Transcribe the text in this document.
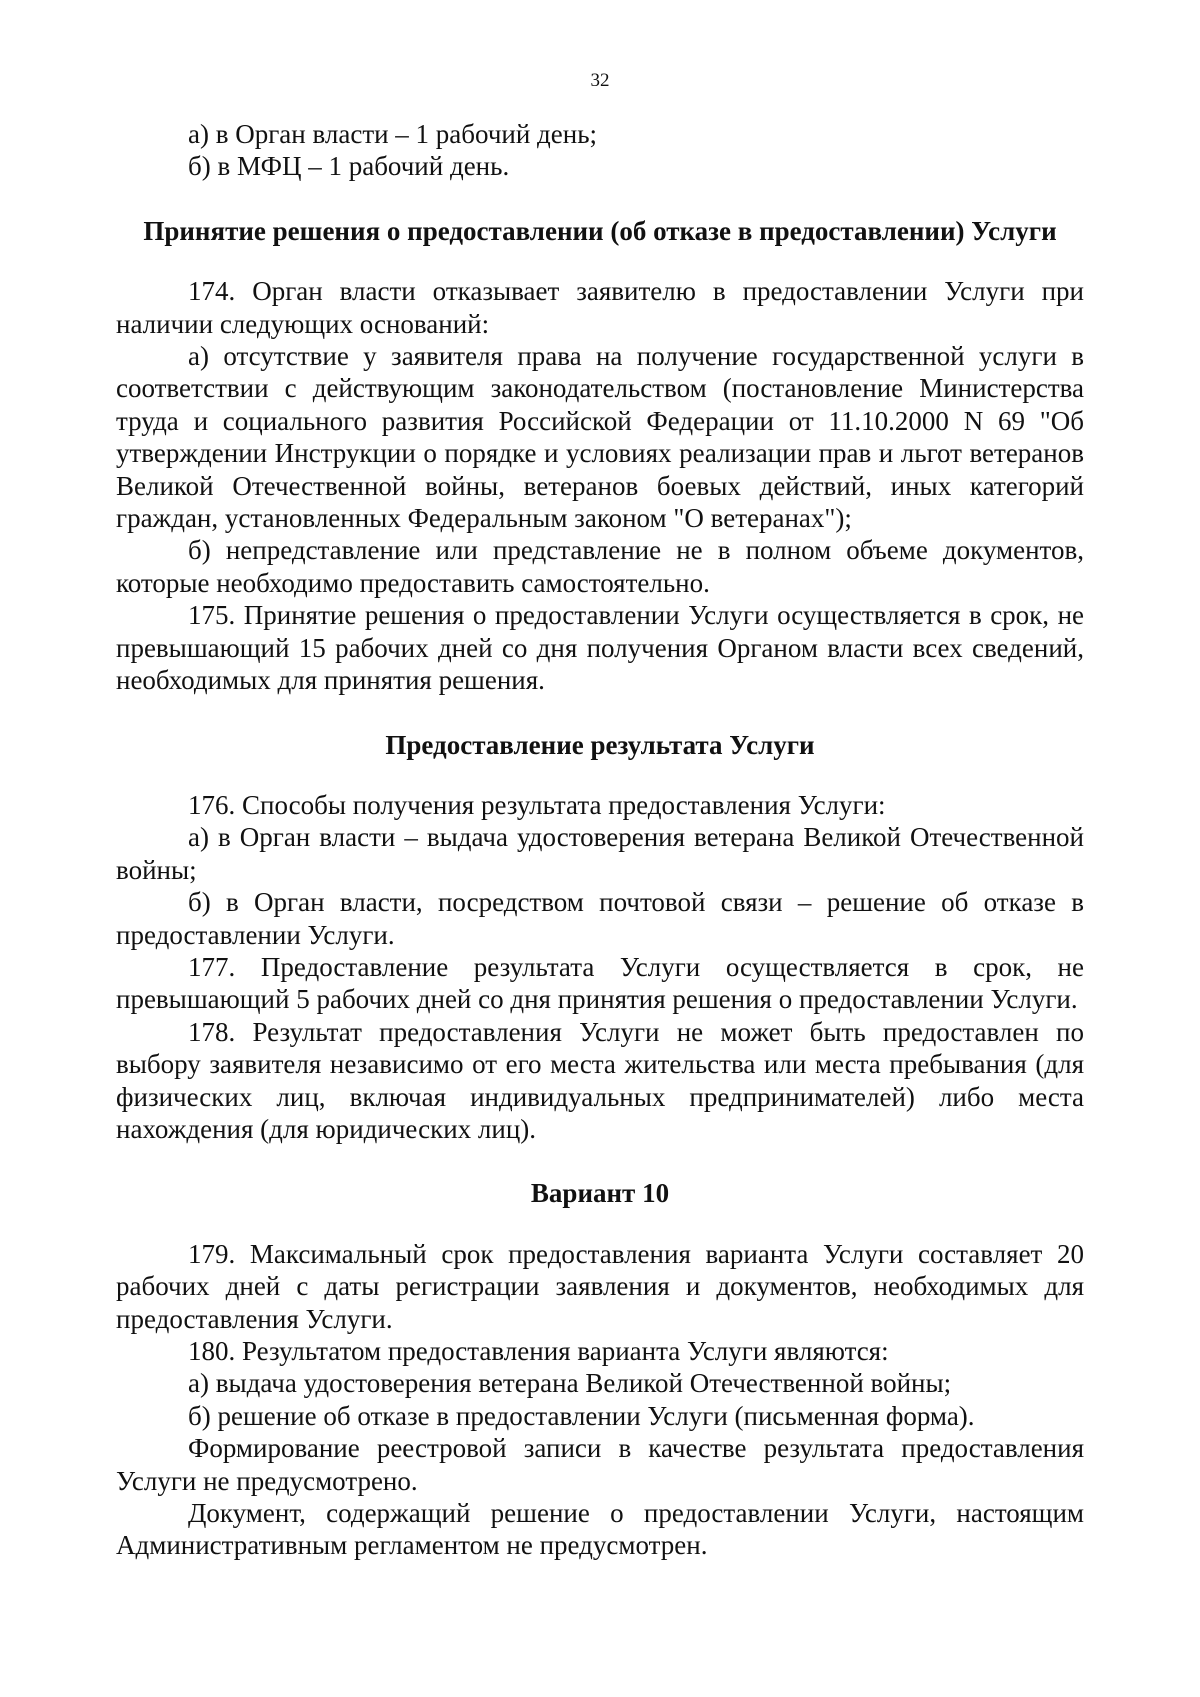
32

а) в Орган власти – 1 рабочий день;

б) в МФЦ – 1 рабочий день.

Принятие решения о предоставлении (об отказе в предоставлении) Услуги

174. Орган власти отказывает заявителю в предоставлении Услуги при наличии следующих оснований:

а) отсутствие у заявителя права на получение государственной услуги в соответствии с действующим законодательством (постановление Министерства труда и социального развития Российской Федерации от 11.10.2000 N 69 "Об утверждении Инструкции о порядке и условиях реализации прав и льгот ветеранов Великой Отечественной войны, ветеранов боевых действий, иных категорий граждан, установленных Федеральным законом "О ветеранах");

б) непредставление или представление не в полном объеме документов, которые необходимо предоставить самостоятельно.

175. Принятие решения о предоставлении Услуги осуществляется в срок, не превышающий 15 рабочих дней со дня получения Органом власти всех сведений, необходимых для принятия решения.

Предоставление результата Услуги

176. Способы получения результата предоставления Услуги:

а) в Орган власти – выдача удостоверения ветерана Великой Отечественной войны;

б) в Орган власти, посредством почтовой связи – решение об отказе в предоставлении Услуги.

177. Предоставление результата Услуги осуществляется в срок, не превышающий 5 рабочих дней со дня принятия решения о предоставлении Услуги.

178. Результат предоставления Услуги не может быть предоставлен по выбору заявителя независимо от его места жительства или места пребывания (для физических лиц, включая индивидуальных предпринимателей) либо места нахождения (для юридических лиц).

Вариант 10

179. Максимальный срок предоставления варианта Услуги составляет 20 рабочих дней с даты регистрации заявления и документов, необходимых для предоставления Услуги.

180. Результатом предоставления варианта Услуги являются:

а) выдача удостоверения ветерана Великой Отечественной войны;

б) решение об отказе в предоставлении Услуги (письменная форма).

Формирование реестровой записи в качестве результата предоставления Услуги не предусмотрено.

Документ, содержащий решение о предоставлении Услуги, настоящим Административным регламентом не предусмотрен.
